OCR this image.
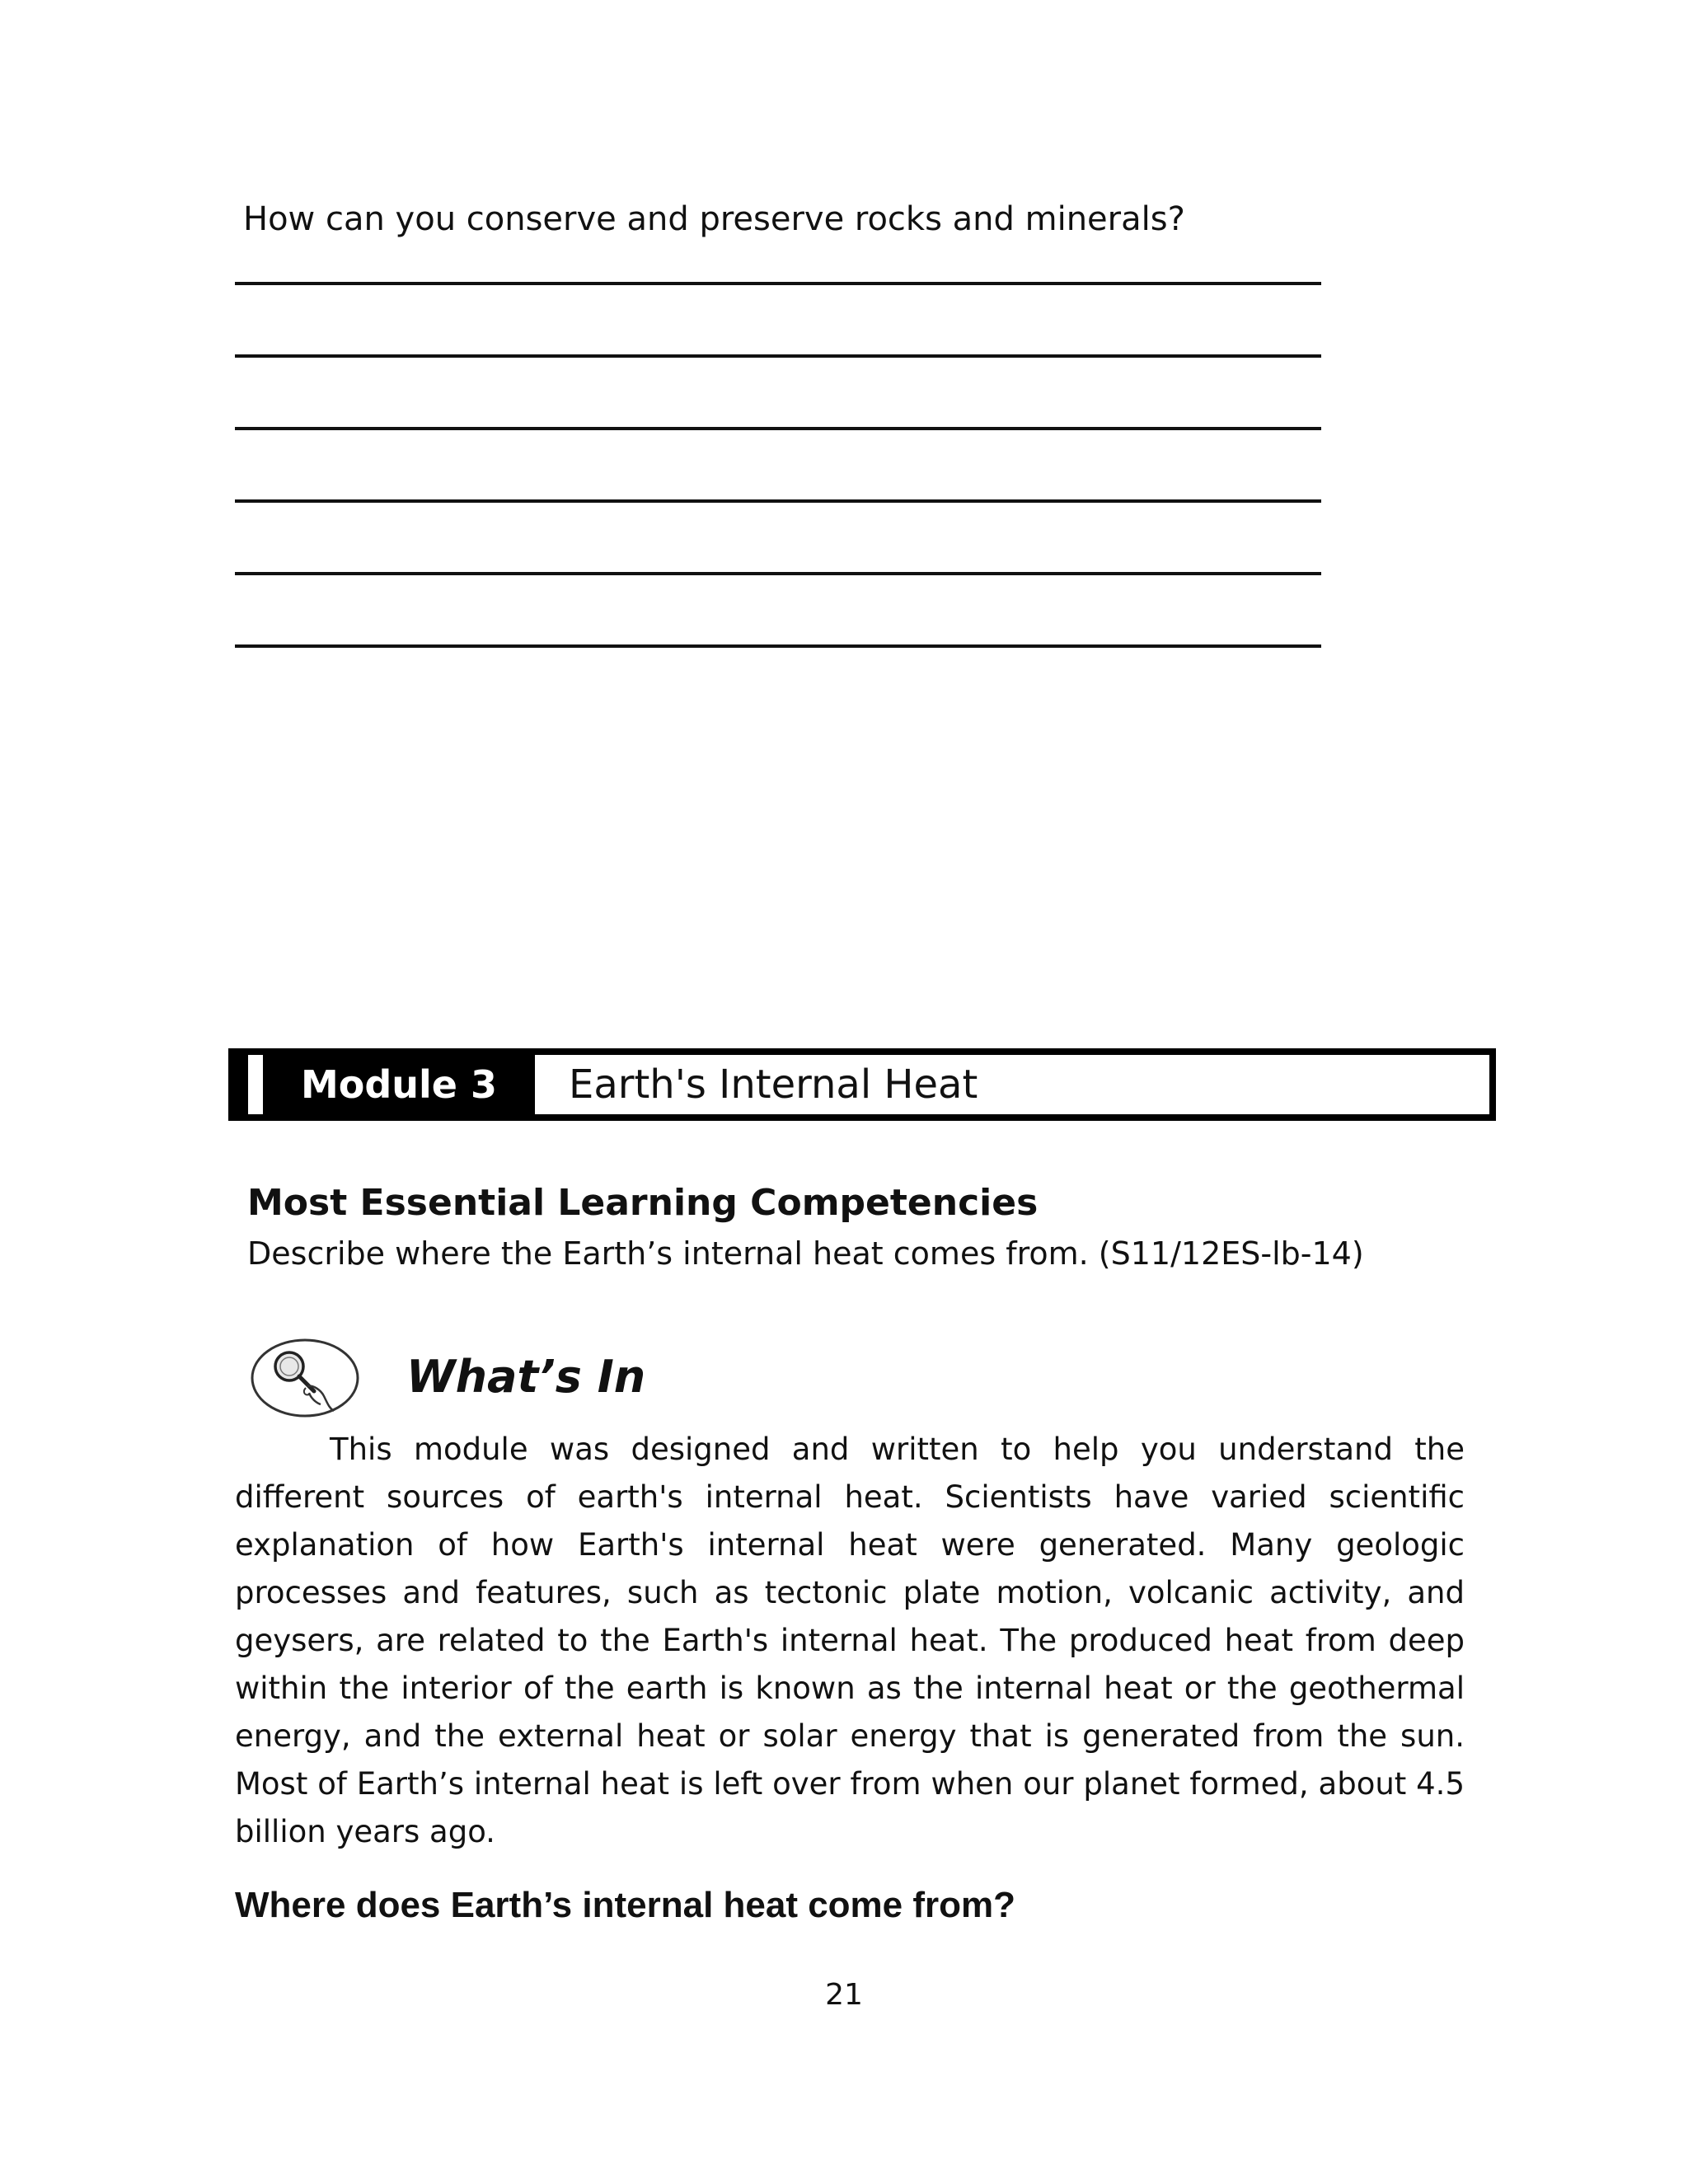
How can you conserve and preserve rocks and minerals?
Module 3	Earth's Internal Heat
Most Essential Learning Competencies
Describe where the Earth’s internal heat comes from. (S11/12ES-lb-14)
What’s In

This module was designed and written to help you understand the different sources of earth's internal heat. Scientists have varied scientific explanation of how Earth's internal heat were generated. Many geologic processes and features, such as tectonic plate motion, volcanic activity, and geysers, are related to the Earth's internal heat. The produced heat from deep within the interior of the earth is known as the internal heat or the geothermal energy, and the external heat or solar energy that is generated from the sun. Most of Earth’s internal heat is left over from when our planet formed, about 4.5 billion years ago.

Where does Earth’s internal heat come from?
21
